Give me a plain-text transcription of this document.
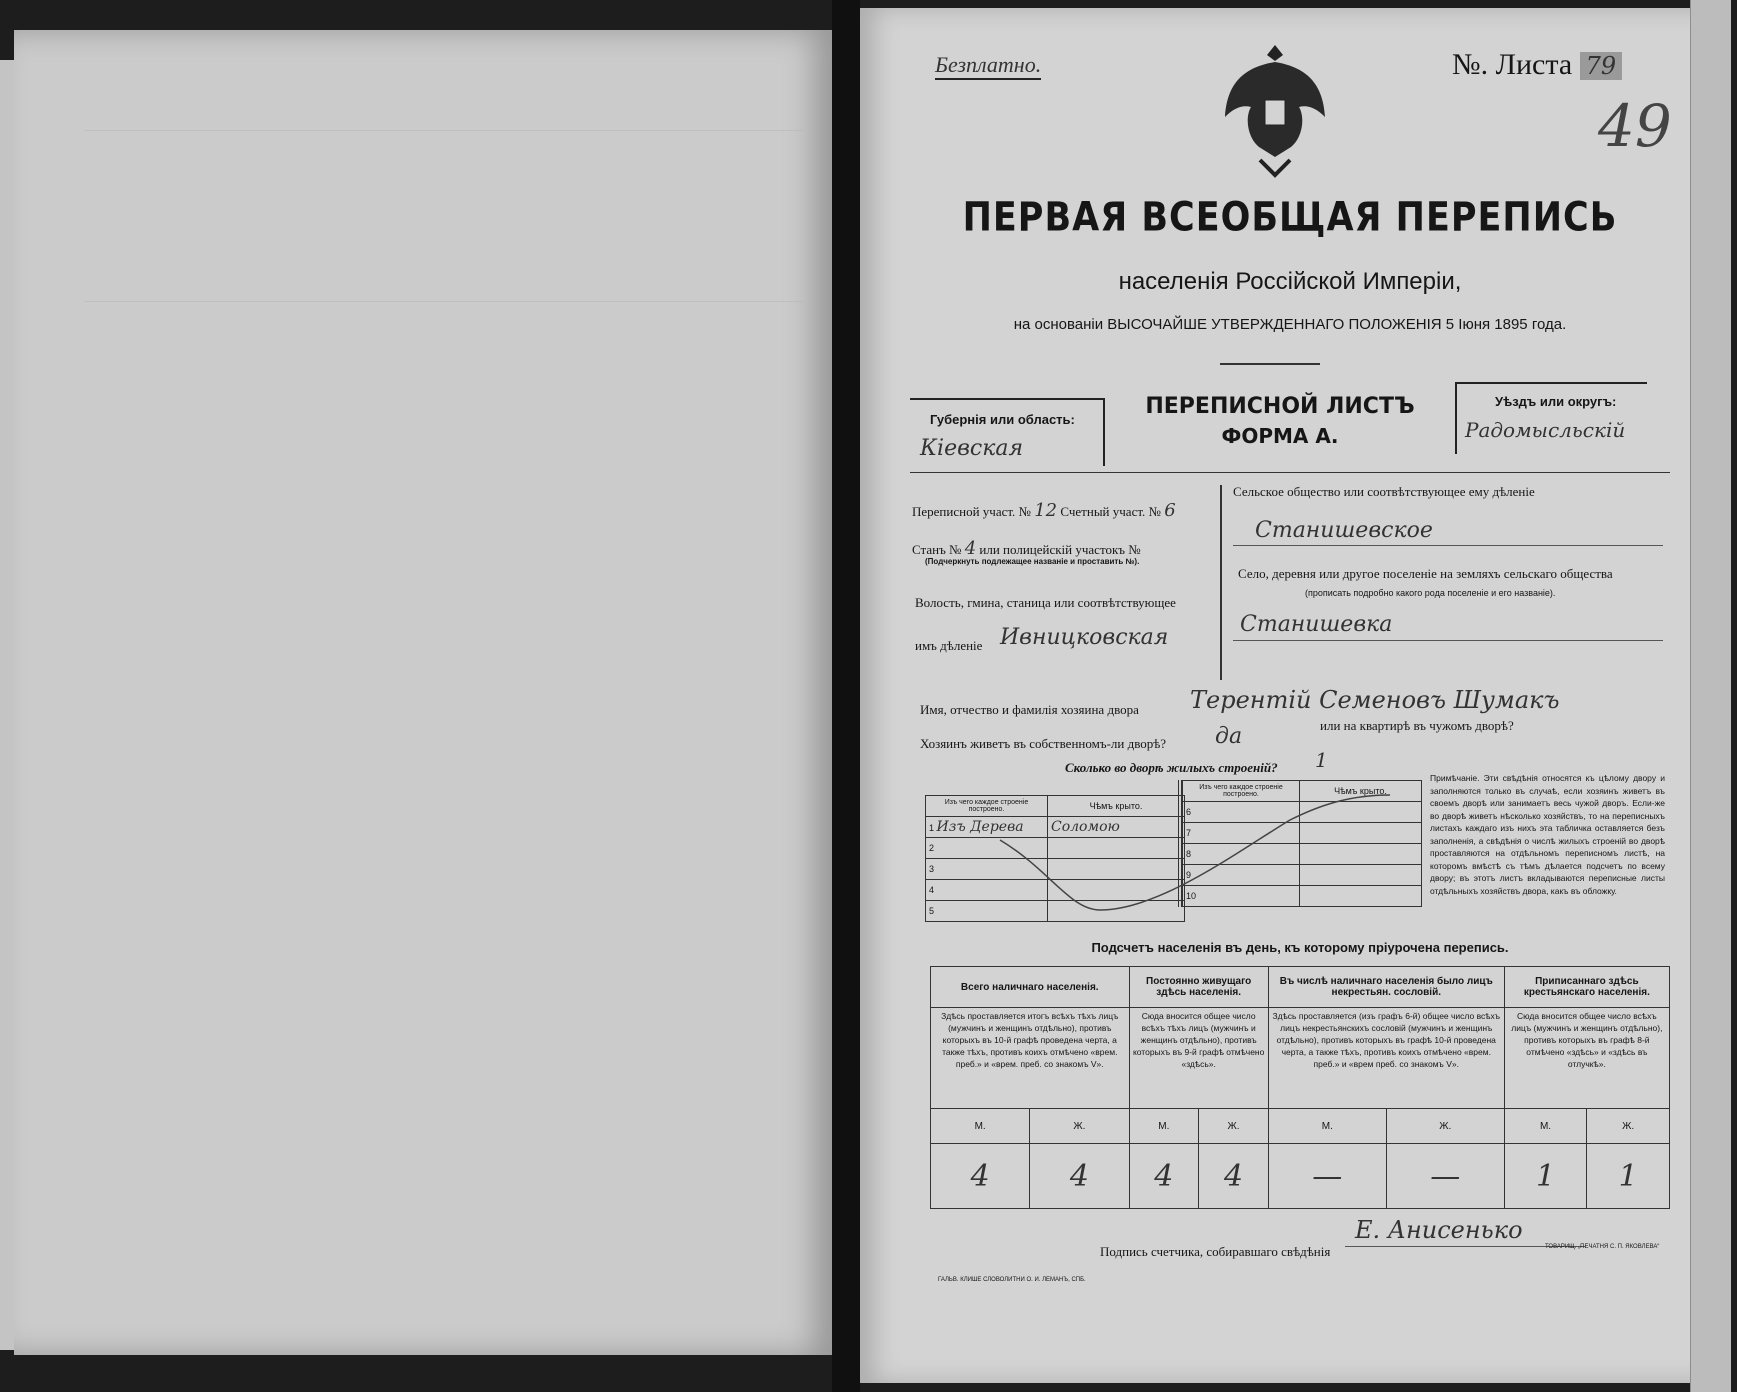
Безплатно.	№. Листа 79
49
ПЕРВАЯ ВСЕОБЩАЯ ПЕРЕПИСЬ
населенія Россійской Имперіи,
на основаніи ВЫСОЧАЙШЕ УТВЕРЖДЕННАГО ПОЛОЖЕНІЯ 5 Іюня 1895 года.
Губернія или область:
Кіевская
ПЕРЕПИСНОЙ ЛИСТЪ
ФОРМА А.
Уѣздъ или округъ:
Радомысльскій
Переписной участ. № 12 Счетный участ. № 6
Станъ № 4 или полицейскій участокъ №
(Подчеркнуть подлежащее названіе и проставить №).
Волость, гмина, станица или соотвѣтствующее
имъ дѣленіе Ивницковская
Сельское общество или соотвѣтствующее ему дѣленіе
Станишевское
Село, деревня или другое поселеніе на земляхъ сельскаго общества
(прописать подробно какого рода поселеніе и его названіе).
Станишевка
Имя, отчество и фамилія хозяина двора Терентій Семеновъ Шумакъ
Хозяинъ живетъ въ собственномъ-ли дворѣ? да	или на квартирѣ въ чужомъ дворѣ?
Сколько во дворѣ жилыхъ строеній? 1
Изъ чего каждое строеніе построено.	Чѣмъ крыто.
1 Изъ Дерева	Соломою
2	
3	
4	
5	
Изъ чего каждое строеніе построено.	Чѣмъ крыто.
6	
7	
8	
9	
10	
Примѣчаніе. Эти свѣдѣнія относятся къ цѣлому двору и заполняются только въ случаѣ, если хозяинъ живетъ въ своемъ дворѣ или занимаетъ весь чужой дворъ. Если-же во дворѣ живетъ нѣсколько хозяйствъ, то на переписныхъ листахъ каждаго изъ нихъ эта табличка оставляется безъ заполненія, а свѣдѣнія о числѣ жилыхъ строеній во дворѣ проставляются на отдѣльномъ переписномъ листѣ, на которомъ вмѣстѣ съ тѣмъ дѣлается подсчетъ по всему двору; въ этотъ листъ вкладываются переписные листы отдѣльныхъ хозяйствъ двора, какъ въ обложку.
Подсчетъ населенія въ день, къ которому пріурочена перепись.
Всего наличнаго населенія.		Постоянно живущаго здѣсь населенія.		Въ числѣ наличнаго населенія было лицъ некрестьян. сословій.		Приписаннаго здѣсь крестьянскаго населенія.	
Здѣсь проставляется итогъ всѣхъ тѣхъ лицъ (мужчинъ и женщинъ отдѣльно), противъ которыхъ въ 10-й графѣ проведена черта, а также тѣхъ, противъ коихъ отмѣчено «врем. преб.» и «врем. преб. со знакомъ V».		Сюда вносится общее число всѣхъ тѣхъ лицъ (мужчинъ и женщинъ отдѣльно), противъ которыхъ въ 9-й графѣ отмѣчено «здѣсь».		Здѣсь проставляется (изъ графъ 6-й) общее число всѣхъ лицъ некрестьянскихъ сословій (мужчинъ и женщинъ отдѣльно), противъ которыхъ въ графѣ 10-й проведена черта, а также тѣхъ, противъ коихъ отмѣчено «врем. преб.» и «врем преб. со знакомъ V».		Сюда вносится общее число всѣхъ лицъ (мужчинъ и женщинъ отдѣльно), противъ которыхъ въ графѣ 8-й отмѣчено «здѣсь» и «здѣсь въ отлучкѣ».	
М.	Ж.	М.	Ж.	М.	Ж.	М.	Ж.
4	4	4	4	—	—	1	1
Подпись счетчика, собиравшаго свѣдѣнія
Е. Анисенько
ГАЛЬВ. КЛИШЕ СЛОВОЛИТНИ О. И. ЛЕМАНЪ, СПБ.
ТОВАРИЩ. „ПЕЧАТНЯ С. П. ЯКОВЛЕВА“
